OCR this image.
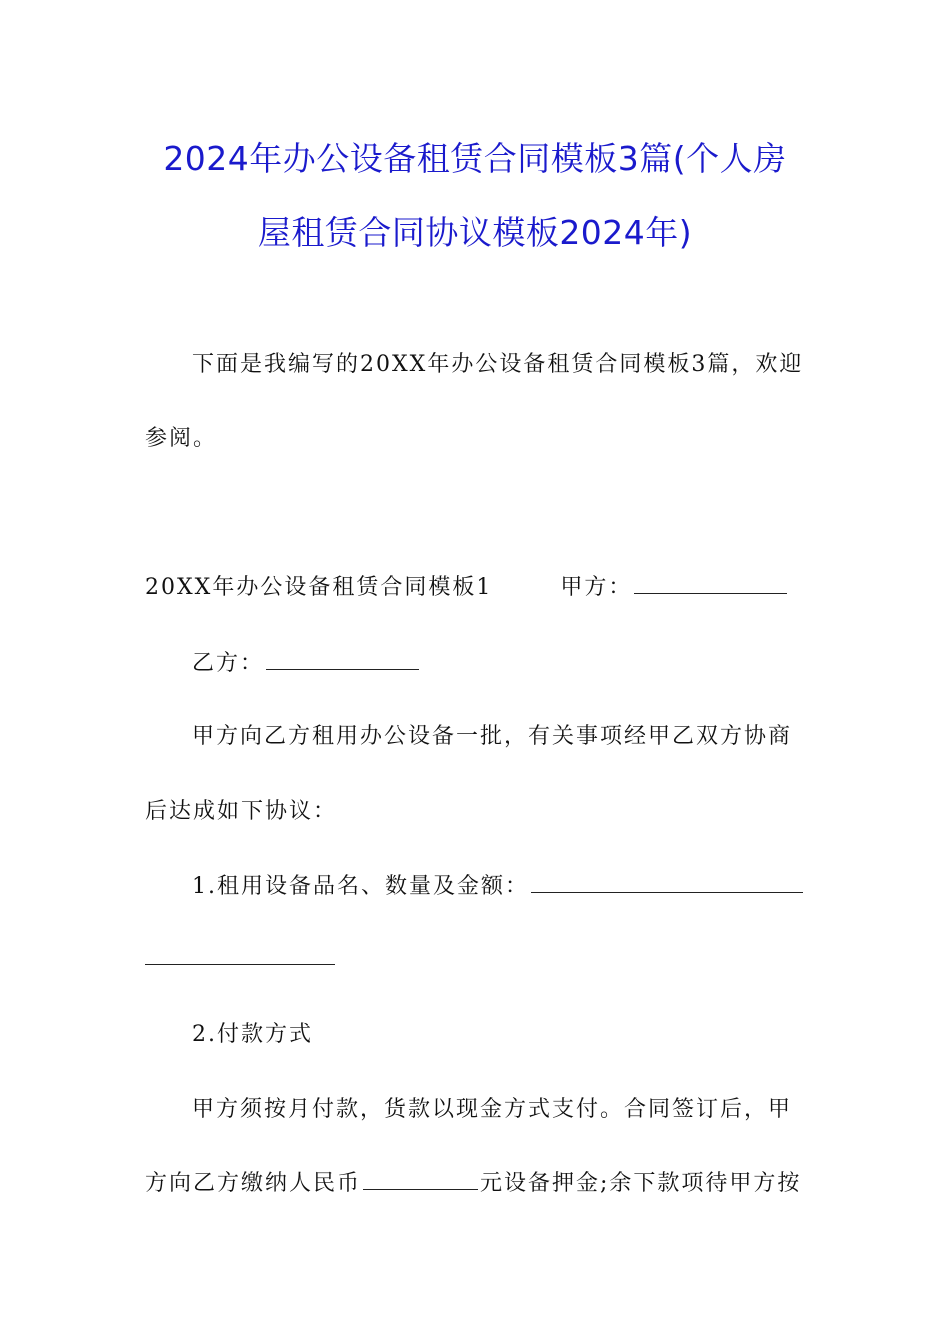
2024年办公设备租赁合同模板3篇(个人房
屋租赁合同协议模板2024年)
下面是我编写的20XX年办公设备租赁合同模板3篇，欢迎
参阅。
20XX年办公设备租赁合同模板1	甲方：
乙方：
甲方向乙方租用办公设备一批，有关事项经甲乙双方协商
后达成如下协议：
1.租用设备品名、数量及金额：
2.付款方式
甲方须按月付款，货款以现金方式支付。合同签订后，甲
方向乙方缴纳人民币	元设备押金;余下款项待甲方按
